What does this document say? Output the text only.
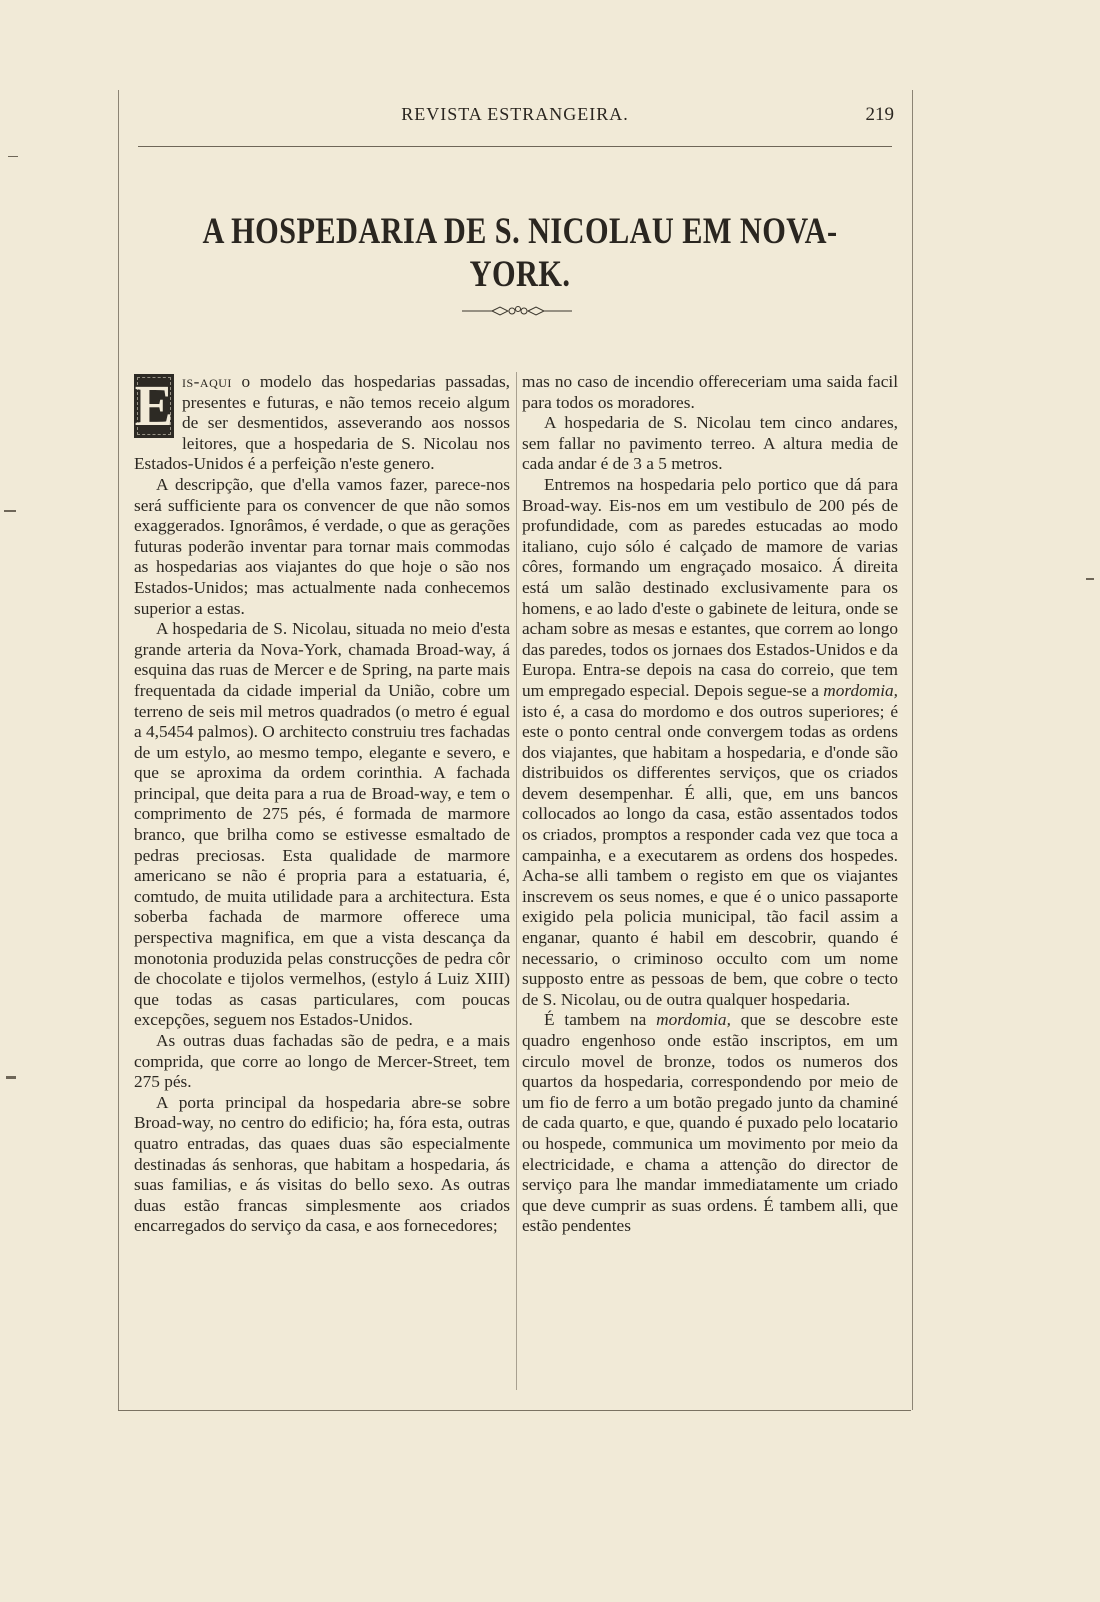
REVISTA ESTRANGEIRA.	219
A HOSPEDARIA DE S. NICOLAU EM NOVA-YORK.

E is-aqui o modelo das hospedarias passadas, presentes e futuras, e não temos receio algum de ser desmentidos, asseverando aos nossos leitores, que a hospedaria de S. Nicolau nos Estados-Unidos é a perfeição n'este genero.

A descripção, que d'ella vamos fazer, parece-nos será sufficiente para os convencer de que não somos exaggerados. Ignorâmos, é verdade, o que as gerações futuras poderão inventar para tornar mais commodas as hospedarias aos viajantes do que hoje o são nos Estados-Unidos; mas actualmente nada conhecemos superior a estas.

A hospedaria de S. Nicolau, situada no meio d'esta grande arteria da Nova-York, chamada Broad-way, á esquina das ruas de Mercer e de Spring, na parte mais frequentada da cidade imperial da União, cobre um terreno de seis mil metros quadrados (o metro é egual a 4,5454 palmos). O architecto construiu tres fachadas de um estylo, ao mesmo tempo, elegante e severo, e que se aproxima da ordem corinthia. A fachada principal, que deita para a rua de Broad-way, e tem o comprimento de 275 pés, é formada de marmore branco, que brilha como se estivesse esmaltado de pedras preciosas. Esta qualidade de marmore americano se não é propria para a estatuaria, é, comtudo, de muita utilidade para a architectura. Esta soberba fachada de marmore offerece uma perspectiva magnifica, em que a vista descança da monotonia produzida pelas construcções de pedra côr de chocolate e tijolos vermelhos, (estylo á Luiz XIII) que todas as casas particulares, com poucas excepções, seguem nos Estados-Unidos.

As outras duas fachadas são de pedra, e a mais comprida, que corre ao longo de Mercer-Street, tem 275 pés.

A porta principal da hospedaria abre-se sobre Broad-way, no centro do edificio; ha, fóra esta, outras quatro entradas, das quaes duas são especialmente destinadas ás senhoras, que habitam a hospedaria, ás suas familias, e ás visitas do bello sexo. As outras duas estão francas simplesmente aos criados encarregados do serviço da casa, e aos fornecedores;

mas no caso de incendio offereceriam uma saida facil para todos os moradores.

A hospedaria de S. Nicolau tem cinco andares, sem fallar no pavimento terreo. A altura media de cada andar é de 3 a 5 metros.

Entremos na hospedaria pelo portico que dá para Broad-way. Eis-nos em um vestibulo de 200 pés de profundidade, com as paredes estucadas ao modo italiano, cujo sólo é calçado de mamore de varias côres, formando um engraçado mosaico. Á direita está um salão destinado exclusivamente para os homens, e ao lado d'este o gabinete de leitura, onde se acham sobre as mesas e estantes, que correm ao longo das paredes, todos os jornaes dos Estados-Unidos e da Europa. Entra-se depois na casa do correio, que tem um empregado especial. Depois segue-se a mordomia, isto é, a casa do mordomo e dos outros superiores; é este o ponto central onde convergem todas as ordens dos viajantes, que habitam a hospedaria, e d'onde são distribuidos os differentes serviços, que os criados devem desempenhar. É alli, que, em uns bancos collocados ao longo da casa, estão assentados todos os criados, promptos a responder cada vez que toca a campainha, e a executarem as ordens dos hospedes. Acha-se alli tambem o registo em que os viajantes inscrevem os seus nomes, e que é o unico passaporte exigido pela policia municipal, tão facil assim a enganar, quanto é habil em descobrir, quando é necessario, o criminoso occulto com um nome supposto entre as pessoas de bem, que cobre o tecto de S. Nicolau, ou de outra qualquer hospedaria.

É tambem na mordomia, que se descobre este quadro engenhoso onde estão inscriptos, em um circulo movel de bronze, todos os numeros dos quartos da hospedaria, correspondendo por meio de um fio de ferro a um botão pregado junto da chaminé de cada quarto, e que, quando é puxado pelo locatario ou hospede, communica um movimento por meio da electricidade, e chama a attenção do director de serviço para lhe mandar immediatamente um criado que deve cumprir as suas ordens. É tambem alli, que estão pendentes
